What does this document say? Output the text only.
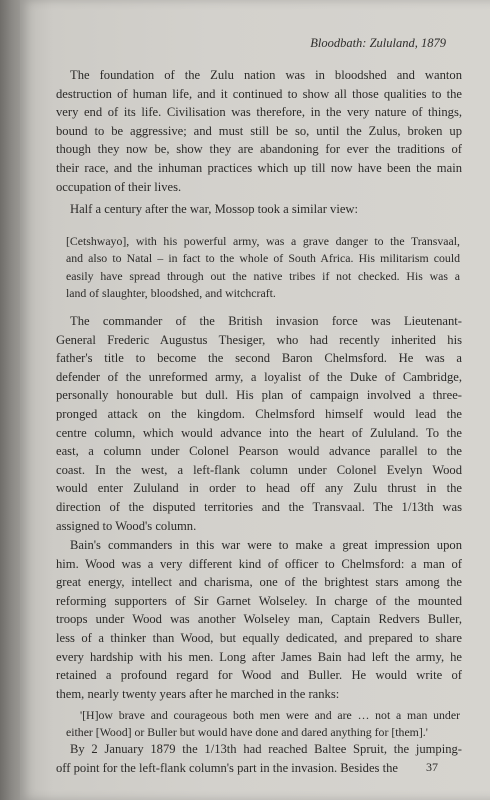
Bloodbath: Zululand, 1879
The foundation of the Zulu nation was in bloodshed and wanton
destruction of human life, and it continued to show all those qualities to the
very end of its life. Civilisation was therefore, in the very nature of things,
bound to be aggressive; and must still be so, until the Zulus, broken up
though they now be, show they are abandoning for ever the traditions of
their race, and the inhuman practices which up till now have been the main
occupation of their lives.
Half a century after the war, Mossop took a similar view:
[Cetshwayo], with his powerful army, was a grave danger to the Transvaal,
and also to Natal – in fact to the whole of South Africa. His militarism could
easily have spread through out the native tribes if not checked. His was a
land of slaughter, bloodshed, and witchcraft.
The commander of the British invasion force was Lieutenant-
General Frederic Augustus Thesiger, who had recently inherited his
father's title to become the second Baron Chelmsford. He was a
defender of the unreformed army, a loyalist of the Duke of Cambridge,
personally honourable but dull. His plan of campaign involved a three-
pronged attack on the kingdom. Chelmsford himself would lead the
centre column, which would advance into the heart of Zululand. To the
east, a column under Colonel Pearson would advance parallel to the
coast. In the west, a left-flank column under Colonel Evelyn Wood
would enter Zululand in order to head off any Zulu thrust in the
direction of the disputed territories and the Transvaal. The 1/13th was
assigned to Wood's column.
Bain's commanders in this war were to make a great impression upon
him. Wood was a very different kind of officer to Chelmsford: a man of
great energy, intellect and charisma, one of the brightest stars among the
reforming supporters of Sir Garnet Wolseley. In charge of the mounted
troops under Wood was another Wolseley man, Captain Redvers Buller,
less of a thinker than Wood, but equally dedicated, and prepared to share
every hardship with his men. Long after James Bain had left the army, he
retained a profound regard for Wood and Buller. He would write of
them, nearly twenty years after he marched in the ranks:
'[H]ow brave and courageous both men were and are … not a man under
either [Wood] or Buller but would have done and dared anything for [them].'
By 2 January 1879 the 1/13th had reached Baltee Spruit, the jumping-
off point for the left-flank column's part in the invasion. Besides the	37
